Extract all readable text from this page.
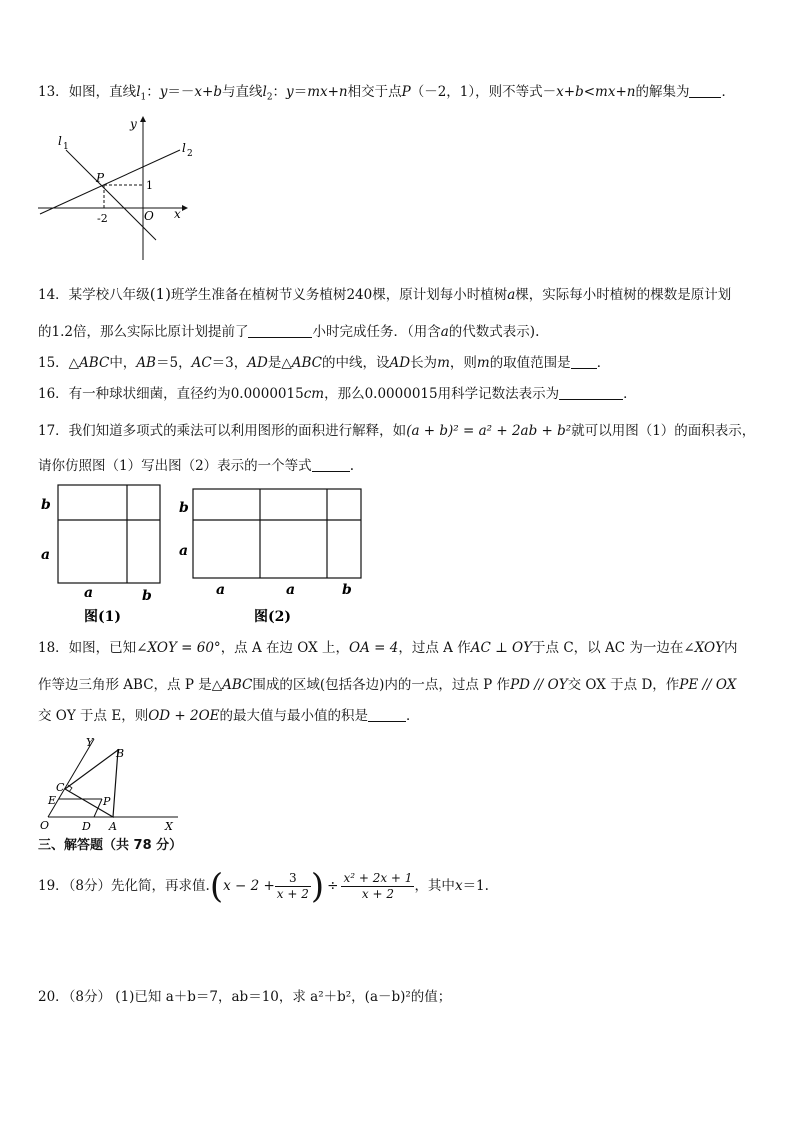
13．如图，直线$l_1$：y＝－x+b与直线$l_2$：y＝mx+n相交于点P（－2，1），则不等式－x+b<mx+n的解集为 ．
y
x
l 1	l 2
P
1
-2	O
14．某学校八年级(1)班学生准备在植树节义务植树240棵，原计划每小时植树a棵，实际每小时植树的棵数是原计划
的1.2倍，那么实际比原计划提前了	小时完成任务．（用含a的代数式表示).
15．△ABC中，AB＝5，AC＝3，AD是△ABC的中线，设AD长为m，则m的取值范围是 ．
16．有一种球状细菌，直径约为0.0000015cm，那么0.0000015用科学记数法表示为	．
17．我们知道多项式的乘法可以利用图形的面积进行解释，如(a + b)² = a² + 2ab + b²就可以用图（1）的面积表示，
请你仿照图（1）写出图（2）表示的一个等式	.
b
a
a	b
图(1)
b
a
a	a	b
图(2)
18．如图，已知∠XOY = 60°，点 A 在边 OX 上，OA = 4，过点 A 作AC ⊥ OY于点 C，以 AC 为一边在∠XOY内
作等边三角形 ABC，点 P 是△ABC围成的区域(包括各边)内的一点，过点 P 作PD // OY交 OX 于点 D，作PE // OX
交 OY 于点 E，则OD + 2OE的最大值与最小值的积是	．
Y
B
C
E	P
O	D A	X
三、解答题（共 78 分）
19．（8分）先化简，再求值$.(x - 2 + \frac{3}{x + 2}$ ) ÷ $\frac{\text{x² + 2x + 1}}{x + 2}$ ，其中x＝1.
20．（8分） (1)已知 a＋b＝7，ab＝10，求 a²＋b²，(a－b)²的值；
